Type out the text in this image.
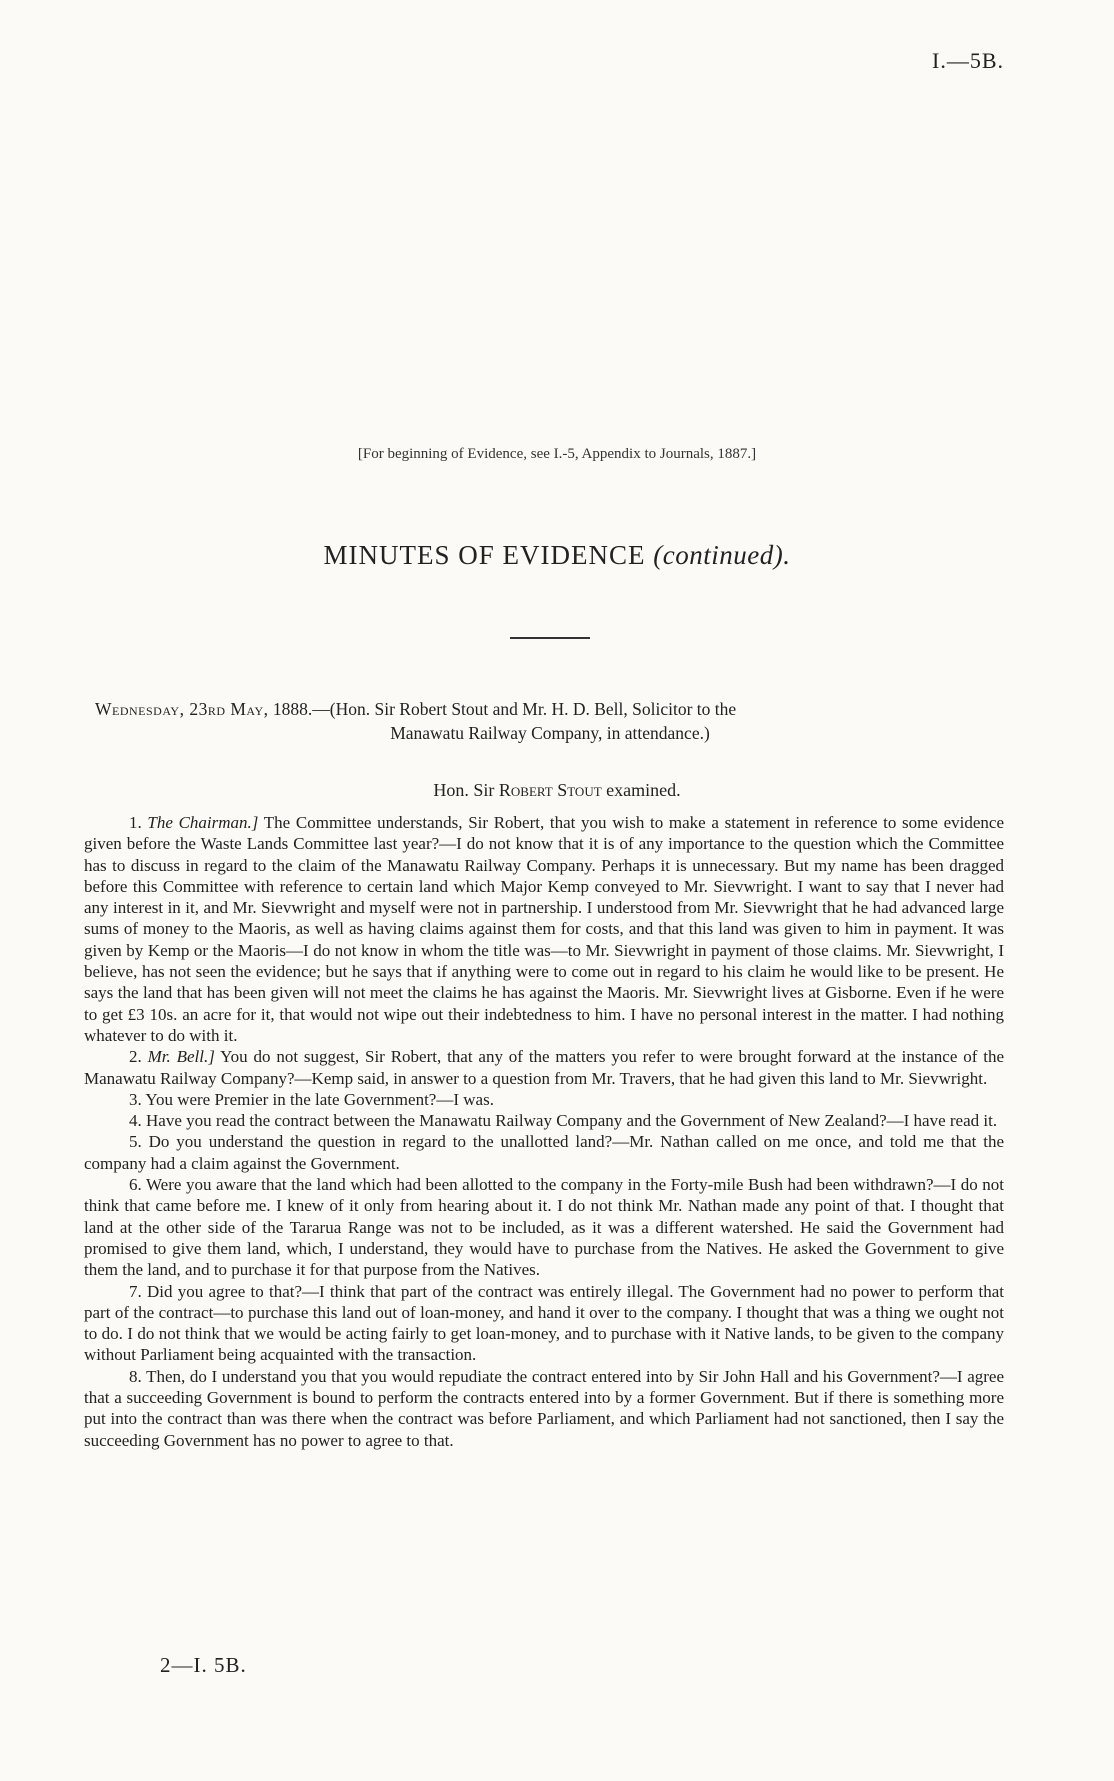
I.—5B.
[For beginning of Evidence, see I.-5, Appendix to Journals, 1887.]
MINUTES OF EVIDENCE (continued).
Wednesday, 23rd May, 1888.—(Hon. Sir Robert Stout and Mr. H. D. Bell, Solicitor to the
Manawatu Railway Company, in attendance.)
Hon. Sir Robert Stout examined.

1. The Chairman.] The Committee understands, Sir Robert, that you wish to make a statement in reference to some evidence given before the Waste Lands Committee last year?—I do not know that it is of any importance to the question which the Committee has to discuss in regard to the claim of the Manawatu Railway Company. Perhaps it is unnecessary. But my name has been dragged before this Committee with reference to certain land which Major Kemp conveyed to Mr. Sievwright. I want to say that I never had any interest in it, and Mr. Sievwright and myself were not in partnership. I understood from Mr. Sievwright that he had advanced large sums of money to the Maoris, as well as having claims against them for costs, and that this land was given to him in payment. It was given by Kemp or the Maoris—I do not know in whom the title was—to Mr. Sievwright in payment of those claims. Mr. Sievwright, I believe, has not seen the evidence; but he says that if anything were to come out in regard to his claim he would like to be present. He says the land that has been given will not meet the claims he has against the Maoris. Mr. Sievwright lives at Gisborne. Even if he were to get £3 10s. an acre for it, that would not wipe out their indebtedness to him. I have no personal interest in the matter. I had nothing whatever to do with it.

2. Mr. Bell.] You do not suggest, Sir Robert, that any of the matters you refer to were brought forward at the instance of the Manawatu Railway Company?—Kemp said, in answer to a question from Mr. Travers, that he had given this land to Mr. Sievwright.

3. You were Premier in the late Government?—I was.

4. Have you read the contract between the Manawatu Railway Company and the Government of New Zealand?—I have read it.

5. Do you understand the question in regard to the unallotted land?—Mr. Nathan called on me once, and told me that the company had a claim against the Government.

6. Were you aware that the land which had been allotted to the company in the Forty-mile Bush had been withdrawn?—I do not think that came before me. I knew of it only from hearing about it. I do not think Mr. Nathan made any point of that. I thought that land at the other side of the Tararua Range was not to be included, as it was a different watershed. He said the Government had promised to give them land, which, I understand, they would have to purchase from the Natives. He asked the Government to give them the land, and to purchase it for that purpose from the Natives.

7. Did you agree to that?—I think that part of the contract was entirely illegal. The Government had no power to perform that part of the contract—to purchase this land out of loan-money, and hand it over to the company. I thought that was a thing we ought not to do. I do not think that we would be acting fairly to get loan-money, and to purchase with it Native lands, to be given to the company without Parliament being acquainted with the transaction.

8. Then, do I understand you that you would repudiate the contract entered into by Sir John Hall and his Government?—I agree that a succeeding Government is bound to perform the contracts entered into by a former Government. But if there is something more put into the contract than was there when the contract was before Parliament, and which Parliament had not sanctioned, then I say the succeeding Government has no power to agree to that.

2—I. 5B.
